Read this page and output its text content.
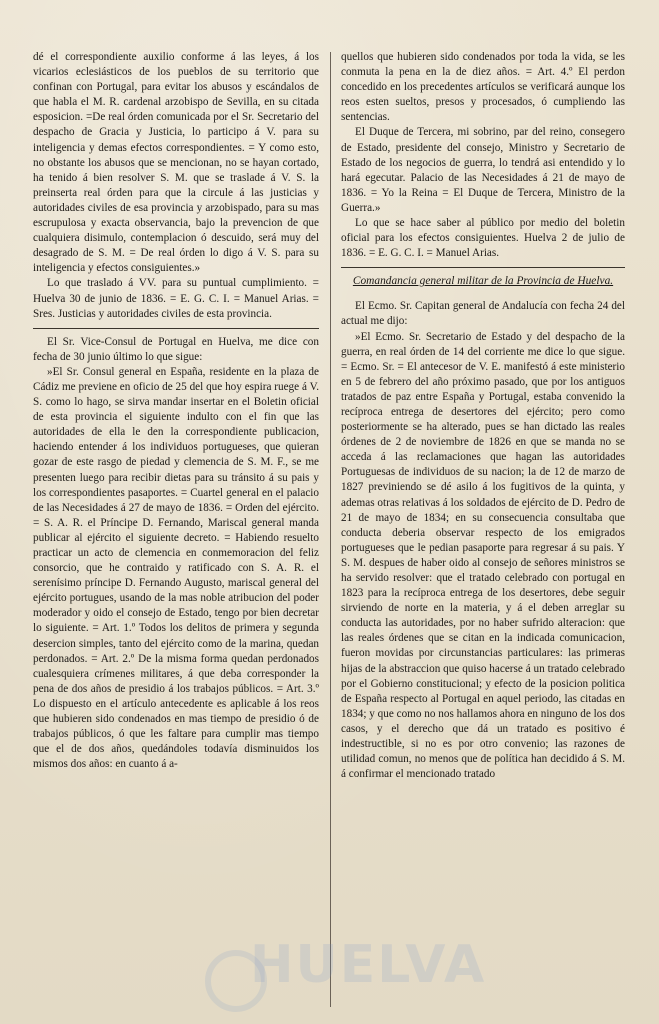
dé el correspondiente auxilio conforme á las leyes, á los vicarios eclesiásticos de los pueblos de su territorio que confinan con Portugal, para evitar los abusos y escándalos de que habla el M. R. cardenal arzobispo de Sevilla, en su citada esposicion. =De real órden comunicada por el Sr. Secretario del despacho de Gracia y Justicia, lo participo á V. para su inteligencia y demas efectos correspondientes. = Y como esto, no obstante los abusos que se mencionan, no se hayan cortado, ha tenido á bien resolver S. M. que se traslade á V. S. la preinserta real órden para que la circule á las justicias y autoridades civiles de esa provincia y arzobispado, para su mas escrupulosa y exacta observancia, bajo la prevencion de que cualquiera disimulo, contemplacion ó descuido, será muy del desagrado de S. M. = De real órden lo digo á V. S. para su inteligencia y efectos consiguientes.»

Lo que traslado á VV. para su puntual cumplimiento. = Huelva 30 de junio de 1836. = E. G. C. I. = Manuel Arias. = Sres. Justicias y autoridades civiles de esta provincia.

El Sr. Vice-Consul de Portugal en Huelva, me dice con fecha de 30 junio último lo que sigue:

»El Sr. Consul general en España, residente en la plaza de Cádiz me previene en oficio de 25 del que hoy espira ruege á V. S. como lo hago, se sirva mandar insertar en el Boletin oficial de esta provincia el siguiente indulto con el fin que las autoridades de ella le den la correspondiente publicacion, haciendo entender á los individuos portugueses, que quieran gozar de este rasgo de piedad y clemencia de S. M. F., se me presenten luego para recibir dietas para su tránsito á su pais y los correspondientes pasaportes. = Cuartel general en el palacio de las Necesidades á 27 de mayo de 1836. = Orden del ejército. = S. A. R. el Príncipe D. Fernando, Mariscal general manda publicar al ejército el siguiente decreto. = Habiendo resuelto practicar un acto de clemencia en conmemoracion del feliz consorcio, que he contraido y ratificado con S. A. R. el serenísimo príncipe D. Fernando Augusto, mariscal general del ejército portugues, usando de la mas noble atribucion del poder moderador y oido el consejo de Estado, tengo por bien decretar lo siguiente. = Art. 1.º Todos los delitos de primera y segunda desercion simples, tanto del ejército como de la marina, quedan perdonados. = Art. 2.º De la misma forma quedan perdonados cualesquiera crímenes militares, á que deba corresponder la pena de dos años de presidio á los trabajos públicos. = Art. 3.º Lo dispuesto en el artículo antecedente es aplicable á los reos que hubieren sido condenados en mas tiempo de presidio ó de trabajos públicos, ó que les faltare para cumplir mas tiempo que el de dos años, quedándoles todavía disminuidos los mismos dos años: en cuanto á a-

quellos que hubieren sido condenados por toda la vida, se les conmuta la pena en la de diez años. = Art. 4.º El perdon concedido en los precedentes artículos se verificará aunque los reos esten sueltos, presos y procesados, ó cumpliendo las sentencias.

El Duque de Tercera, mi sobrino, par del reino, consegero de Estado, presidente del consejo, Ministro y Secretario de Estado de los negocios de guerra, lo tendrá asi entendido y lo hará egecutar. Palacio de las Necesidades á 21 de mayo de 1836. = Yo la Reina = El Duque de Tercera, Ministro de la Guerra.»

Lo que se hace saber al público por medio del boletin oficial para los efectos consiguientes. Huelva 2 de julio de 1836. = E. G. C. I. = Manuel Arias.

Comandancia general militar de la Provincia de Huelva.

El Ecmo. Sr. Capitan general de Andalucía con fecha 24 del actual me dijo:

»El Ecmo. Sr. Secretario de Estado y del despacho de la guerra, en real órden de 14 del corriente me dice lo que sigue. = Ecmo. Sr. = El antecesor de V. E. manifestó á este ministerio en 5 de febrero del año próximo pasado, que por los antiguos tratados de paz entre España y Portugal, estaba convenido la recíproca entrega de desertores del ejército; pero como posteriormente se ha alterado, pues se han dictado las reales órdenes de 2 de noviembre de 1826 en que se manda no se acceda á las reclamaciones que hagan las autoridades Portuguesas de individuos de su nacion; la de 12 de marzo de 1827 previniendo se dé asilo á los fugitivos de la quinta, y ademas otras relativas á los soldados de ejército de D. Pedro de 21 de mayo de 1834; en su consecuencia consultaba que conducta deberia observar respecto de los emigrados portugueses que le pedian pasaporte para regresar á su pais. Y S. M. despues de haber oido al consejo de señores ministros se ha servido resolver: que el tratado celebrado con portugal en 1823 para la recíproca entrega de los desertores, debe seguir sirviendo de norte en la materia, y á el deben arreglar su conducta las autoridades, por no haber sufrido alteracion: que las reales órdenes que se citan en la indicada comunicacion, fueron movidas por circunstancias particulares: las primeras hijas de la abstraccion que quiso hacerse á un tratado celebrado por el Gobierno constitucional; y efecto de la posicion politica de España respecto al Portugal en aquel periodo, las citadas en 1834; y que como no nos hallamos ahora en ninguno de los dos casos, y el derecho que dá un tratado es positivo é indestructible, si no es por otro convenio; las razones de utilidad comun, no menos que de política han decidido á S. M. á confirmar el mencionado tratado

HUELVA
